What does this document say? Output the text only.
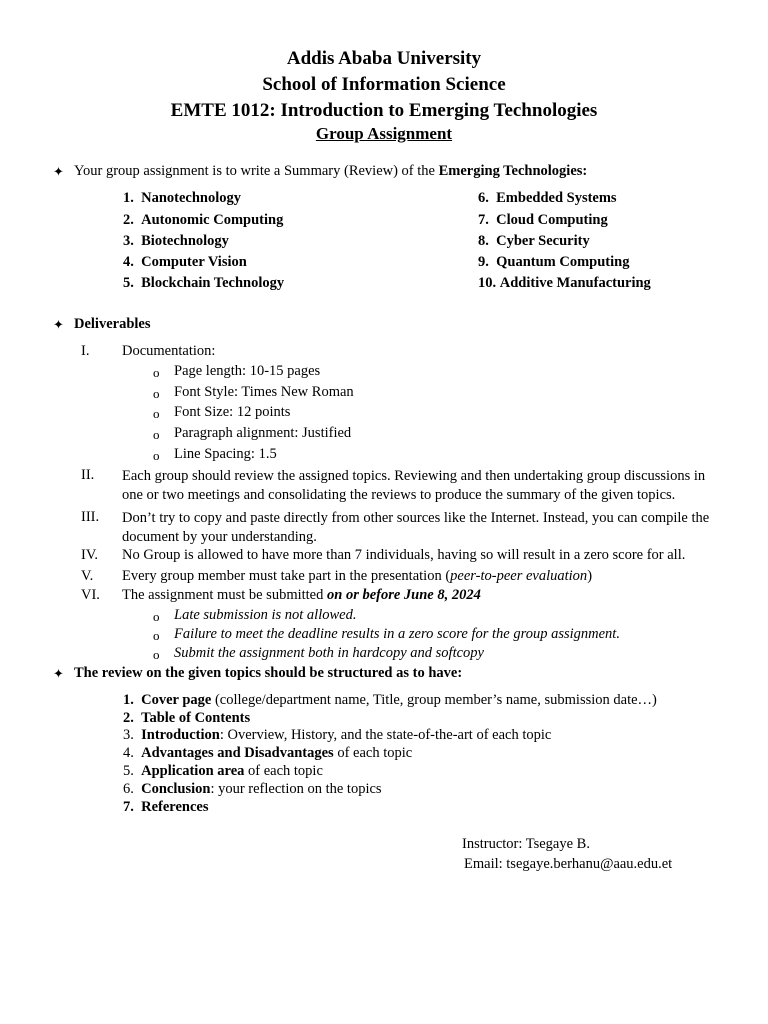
Addis Ababa University
School of Information Science
EMTE 1012: Introduction to Emerging Technologies
Group Assignment
✦ Your group assignment is to write a Summary (Review) of the Emerging Technologies:
1. Nanotechnology
2. Autonomic Computing
3. Biotechnology
4. Computer Vision
5. Blockchain Technology
6. Embedded Systems
7. Cloud Computing
8. Cyber Security
9. Quantum Computing
10. Additive Manufacturing
✦ Deliverables
I. Documentation:
o Page length: 10-15 pages
o Font Style: Times New Roman
o Font Size: 12 points
o Paragraph alignment: Justified
o Line Spacing: 1.5
II. Each group should review the assigned topics. Reviewing and then undertaking group discussions in one or two meetings and consolidating the reviews to produce the summary of the given topics.
III. Don’t try to copy and paste directly from other sources like the Internet. Instead, you can compile the document by your understanding.
IV. No Group is allowed to have more than 7 individuals, having so will result in a zero score for all.
V. Every group member must take part in the presentation (peer-to-peer evaluation)
VI. The assignment must be submitted on or before June 8, 2024
o Late submission is not allowed.
o Failure to meet the deadline results in a zero score for the group assignment.
o Submit the assignment both in hardcopy and softcopy
✦ The review on the given topics should be structured as to have:
1. Cover page (college/department name, Title, group member’s name, submission date…)
2. Table of Contents
3. Introduction: Overview, History, and the state-of-the-art of each topic
4. Advantages and Disadvantages of each topic
5. Application area of each topic
6. Conclusion: your reflection on the topics
7. References
Instructor: Tsegaye B.
Email: tsegaye.berhanu@aau.edu.et
